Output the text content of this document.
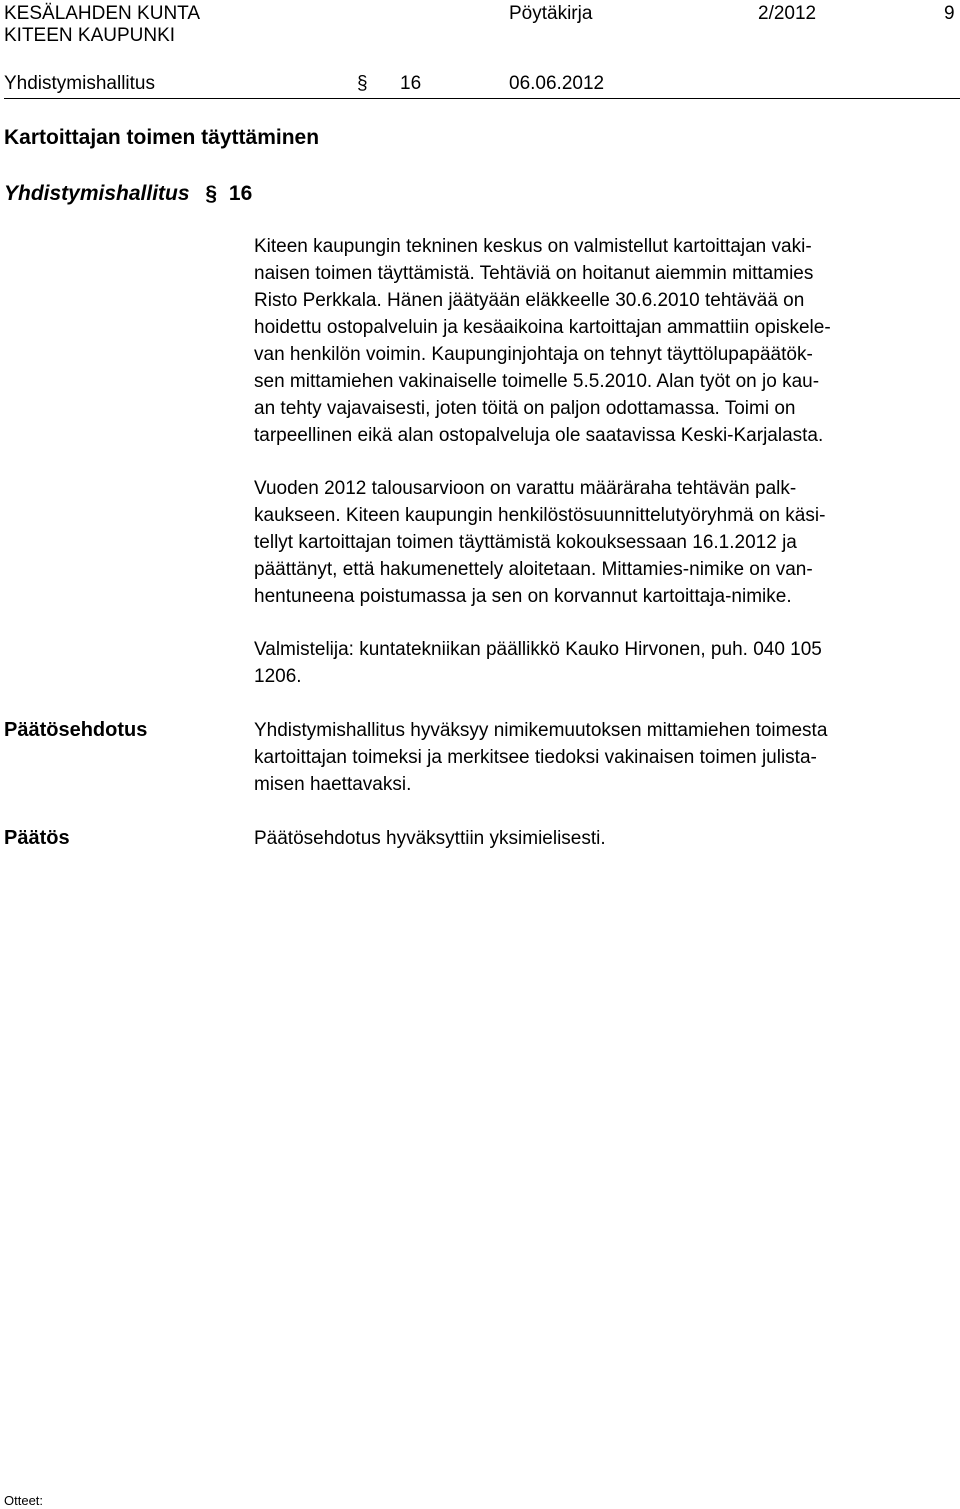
KESÄLAHDEN KUNTA
KITEEN KAUPUNKI
Pöytäkirja	2/2012	9
Yhdistymishallitus	§ 16	06.06.2012
Kartoittajan toimen täyttäminen
Yhdistymishallitus § 16
Kiteen kaupungin tekninen keskus on valmistellut kartoittajan vaki-
naisen toimen täyttämistä. Tehtäviä on hoitanut aiemmin mittamies
Risto Perkkala. Hänen jäätyään eläkkeelle 30.6.2010 tehtävää on
hoidettu ostopalveluin ja kesäaikoina kartoittajan ammattiin opiskele-
van henkilön voimin. Kaupunginjohtaja on tehnyt täyttölupapäätök-
sen mittamiehen vakinaiselle toimelle 5.5.2010. Alan työt on jo kau-
an tehty vajavaisesti, joten töitä on paljon odottamassa. Toimi on
tarpeellinen eikä alan ostopalveluja ole saatavissa Keski-Karjalasta.
Vuoden 2012 talousarvioon on varattu määräraha tehtävän palk-
kaukseen. Kiteen kaupungin henkilöstösuunnittelutyöryhmä on käsi-
tellyt kartoittajan toimen täyttämistä kokouksessaan 16.1.2012 ja
päättänyt, että hakumenettely aloitetaan. Mittamies-nimike on van-
hentuneena poistumassa ja sen on korvannut kartoittaja-nimike.
Valmistelija: kuntatekniikan päällikkö Kauko Hirvonen, puh. 040 105
1206.
Päätösehdotus	Yhdistymishallitus hyväksyy nimikemuutoksen mittamiehen toimesta
kartoittajan toimeksi ja merkitsee tiedoksi vakinaisen toimen julista-
misen haettavaksi.
Päätös	Päätösehdotus hyväksyttiin yksimielisesti.
Otteet:
